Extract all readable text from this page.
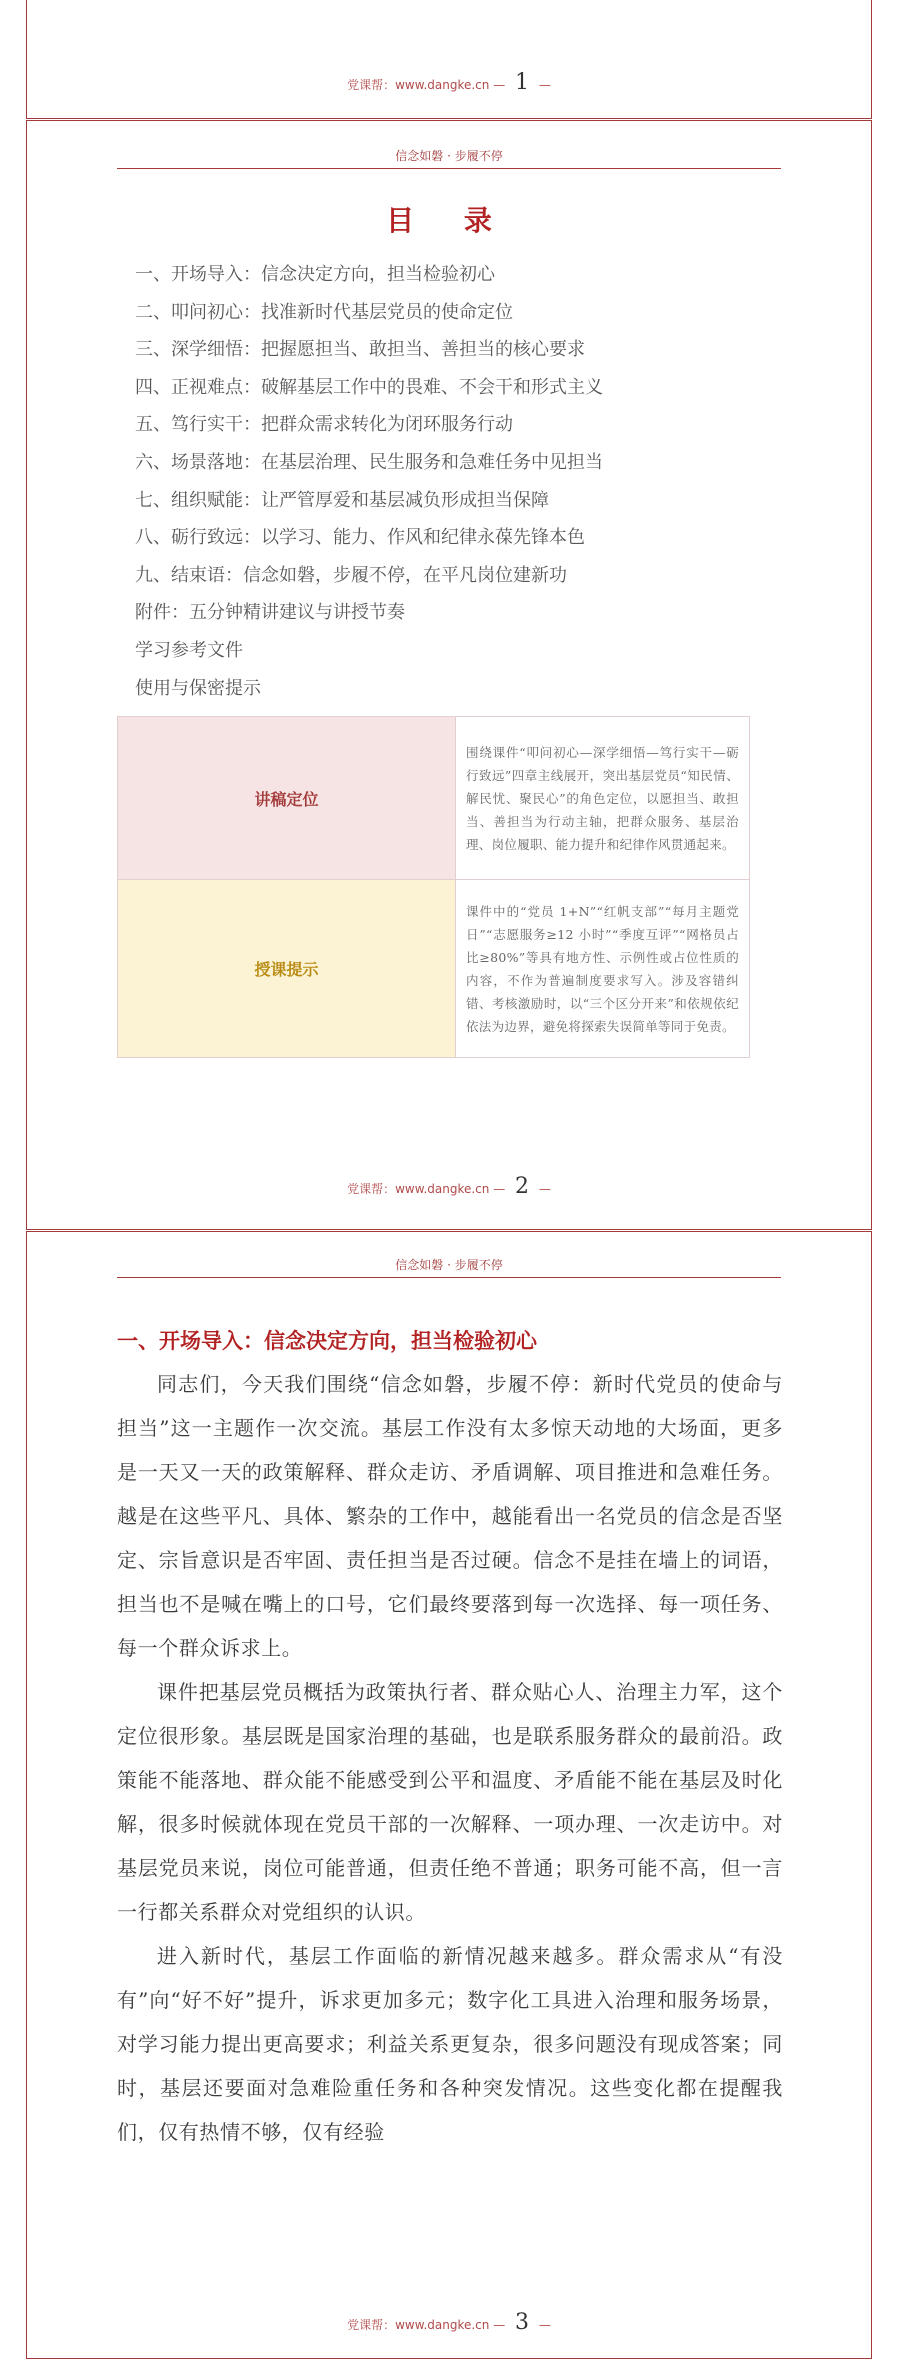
党课帮：www.dangke.cn — 1 —
信念如磐 · 步履不停
目 录
一、开场导入：信念决定方向，担当检验初心
二、叩问初心：找准新时代基层党员的使命定位
三、深学细悟：把握愿担当、敢担当、善担当的核心要求
四、正视难点：破解基层工作中的畏难、不会干和形式主义
五、笃行实干：把群众需求转化为闭环服务行动
六、场景落地：在基层治理、民生服务和急难任务中见担当
七、组织赋能：让严管厚爱和基层减负形成担当保障
八、砺行致远：以学习、能力、作风和纪律永葆先锋本色
九、结束语：信念如磐，步履不停，在平凡岗位建新功
附件：五分钟精讲建议与讲授节奏
学习参考文件
使用与保密提示
讲稿定位	围绕课件“叩问初心—深学细悟—笃行实干—砺行致远”四章主线展开，突出基层党员“知民情、解民忧、聚民心”的角色定位，以愿担当、敢担当、善担当为行动主轴，把群众服务、基层治理、岗位履职、能力提升和纪律作风贯通起来。
授课提示	课件中的“党员 1+N”“红帆支部”“每月主题党日”“志愿服务≥12 小时”“季度互评”“网格员占比≥80%”等具有地方性、示例性或占位性质的内容，不作为普遍制度要求写入。涉及容错纠错、考核激励时，以“三个区分开来”和依规依纪依法为边界，避免将探索失误简单等同于免责。
党课帮：www.dangke.cn — 2 —
信念如磐 · 步履不停
一、开场导入：信念决定方向，担当检验初心

同志们，今天我们围绕“信念如磐，步履不停：新时代党员的使命与担当”这一主题作一次交流。基层工作没有太多惊天动地的大场面，更多是一天又一天的政策解释、群众走访、矛盾调解、项目推进和急难任务。越是在这些平凡、具体、繁杂的工作中，越能看出一名党员的信念是否坚定、宗旨意识是否牢固、责任担当是否过硬。信念不是挂在墙上的词语，担当也不是喊在嘴上的口号，它们最终要落到每一次选择、每一项任务、每一个群众诉求上。

课件把基层党员概括为政策执行者、群众贴心人、治理主力军，这个定位很形象。基层既是国家治理的基础，也是联系服务群众的最前沿。政策能不能落地、群众能不能感受到公平和温度、矛盾能不能在基层及时化解，很多时候就体现在党员干部的一次解释、一项办理、一次走访中。对基层党员来说，岗位可能普通，但责任绝不普通；职务可能不高，但一言一行都关系群众对党组织的认识。

进入新时代，基层工作面临的新情况越来越多。群众需求从“有没有”向“好不好”提升，诉求更加多元；数字化工具进入治理和服务场景，对学习能力提出更高要求；利益关系更复杂，很多问题没有现成答案；同时，基层还要面对急难险重任务和各种突发情况。这些变化都在提醒我们，仅有热情不够，仅有经验

党课帮：www.dangke.cn — 3 —
